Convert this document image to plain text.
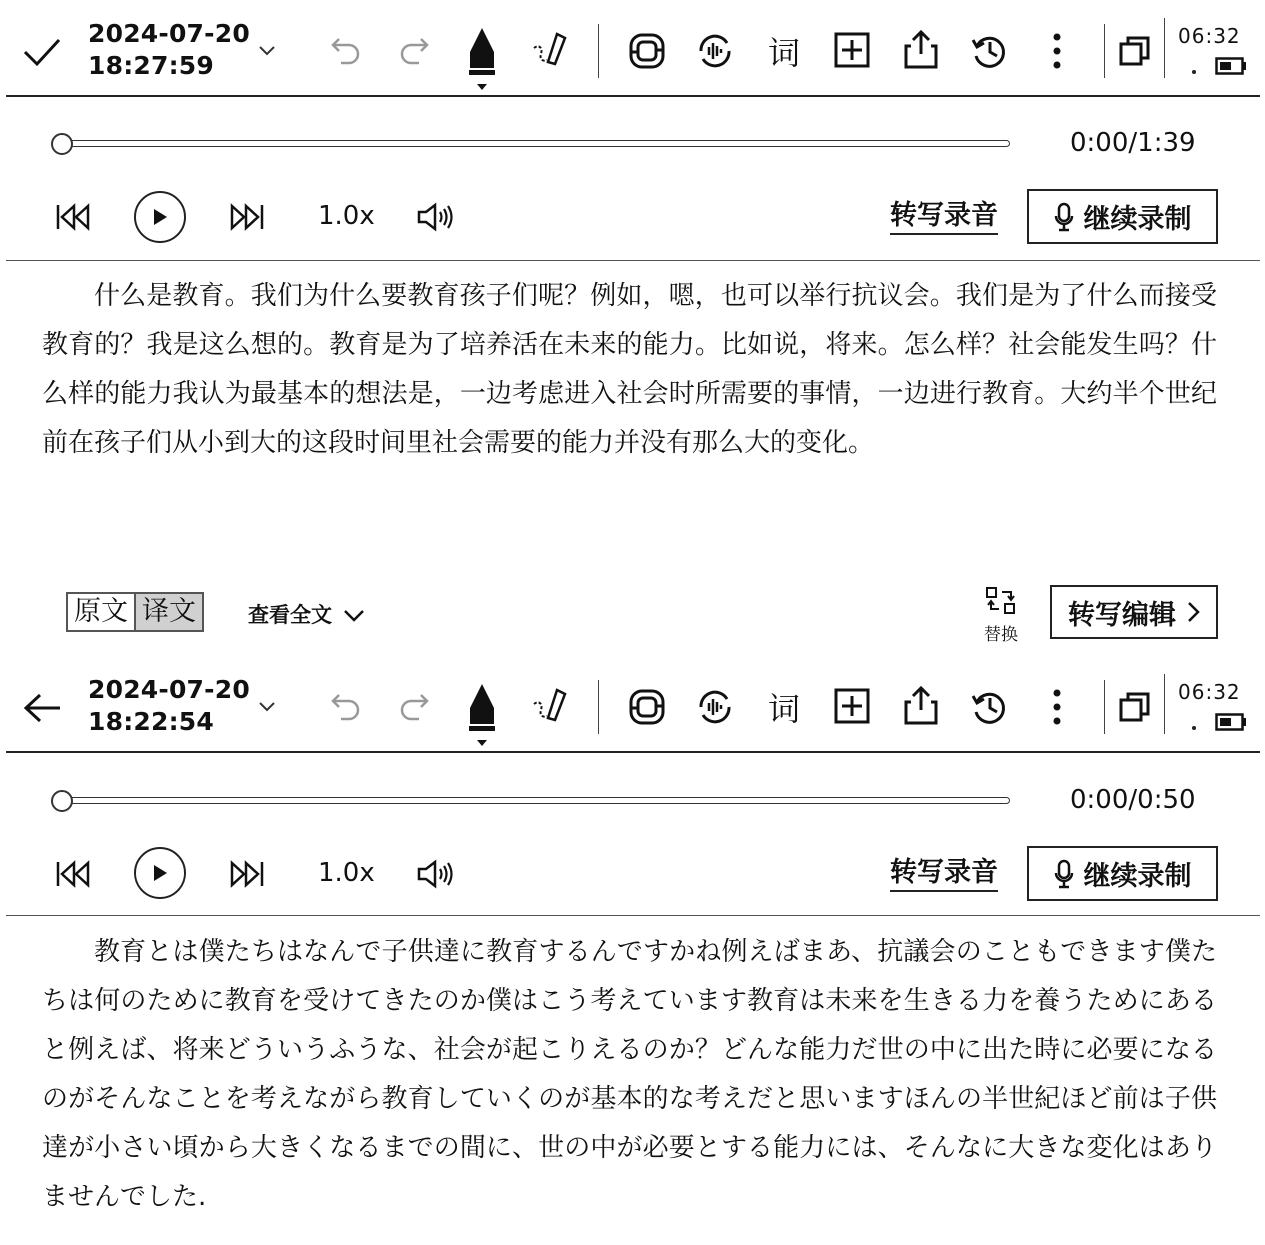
2024-07-20
18:27:59	词	06:32
0:00/1:39
1.0x	转写录音	继续录制

什么是教育。我们为什么要教育孩子们呢？例如，嗯，也可以举行抗议会。我们是为了什么而接受教育的？我是这么想的。教育是为了培养活在未来的能力。比如说，将来。怎么样？社会能发生吗？什么样的能力我认为最基本的想法是，一边考虑进入社会时所需要的事情，一边进行教育。大约半个世纪前在孩子们从小到大的这段时间里社会需要的能力并没有那么大的变化。

原文 译文 查看全文
替换
转写编辑
2024-07-20
18:22:54	词	06:32
0:00/0:50
1.0x	转写录音	继续录制

教育とは僕たちはなんで子供達に教育するんですかね例えばまあ、抗議会のこともできます僕たちは何のために教育を受けてきたのか僕はこう考えています教育は未来を生きる力を養うためにあると例えば、将来どういうふうな、社会が起こりえるのか？どんな能力だ世の中に出た時に必要になるのがそんなことを考えながら教育していくのが基本的な考えだと思いますほんの半世紀ほど前は子供達が小さい頃から大きくなるまでの間に、世の中が必要とする能力には、そんなに大きな変化はありませんでした.
